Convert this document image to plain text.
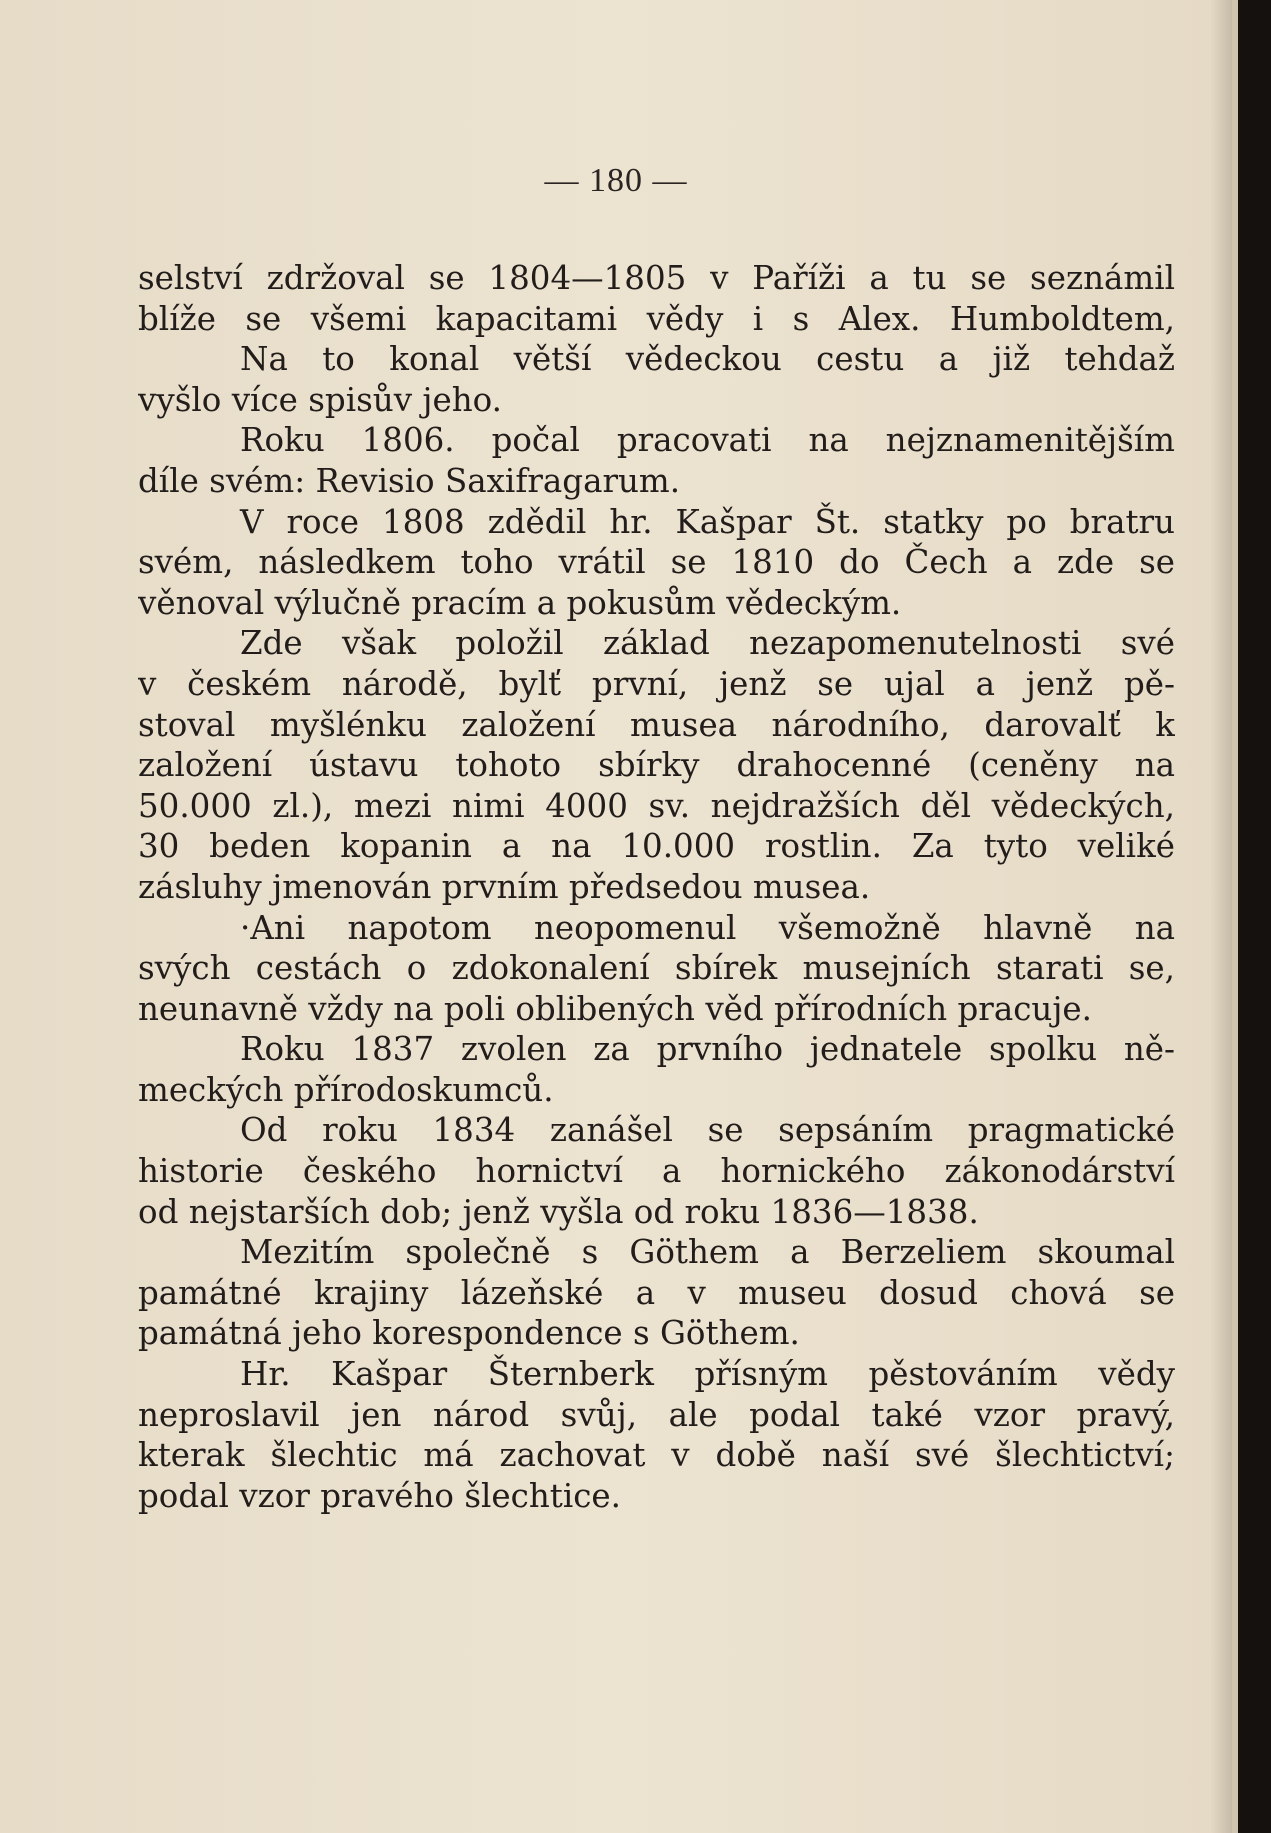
— 180 —
selství zdržoval se 1804—1805 v Paříži a tu se seznámil
blíže se všemi kapacitami vědy i s Alex. Humboldtem,
Na to konal větší vědeckou cestu a již tehdaž
vyšlo více spisův jeho.
Roku 1806. počal pracovati na nejznamenitějším
díle svém: Revisio Saxifragarum.
V roce 1808 zdědil hr. Kašpar Št. statky po bratru
svém, následkem toho vrátil se 1810 do Čech a zde se
věnoval výlučně pracím a pokusům vědeckým.
Zde však položil základ nezapomenutelnosti své
v českém národě, bylť první, jenž se ujal a jenž pě-
stoval myšlénku založení musea národního, darovalť k
založení ústavu tohoto sbírky drahocenné (ceněny na
50.000 zl.), mezi nimi 4000 sv. nejdražších děl vědeckých,
30 beden kopanin a na 10.000 rostlin. Za tyto veliké
zásluhy jmenován prvním předsedou musea.
·Ani napotom neopomenul všemožně hlavně na
svých cestách o zdokonalení sbírek musejních starati se,
neunavně vždy na poli oblibených věd přírodních pracuje.
Roku 1837 zvolen za prvního jednatele spolku ně-
meckých přírodoskumců.
Od roku 1834 zanášel se sepsáním pragmatické
historie českého hornictví a hornického zákonodárství
od nejstarších dob; jenž vyšla od roku 1836—1838.
Mezitím společně s Göthem a Berzeliem skoumal
památné krajiny lázeňské a v museu dosud chová se
památná jeho korespondence s Göthem.
Hr. Kašpar Šternberk přísným pěstováním vědy
neproslavil jen národ svůj, ale podal také vzor pravý,
kterak šlechtic má zachovat v době naší své šlechtictví;
podal vzor pravého šlechtice.
